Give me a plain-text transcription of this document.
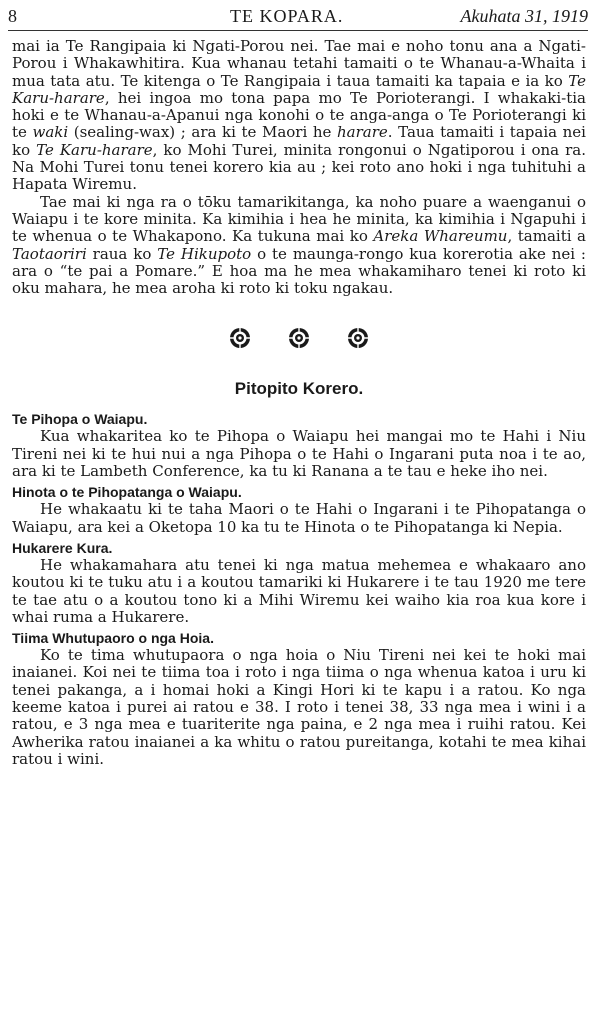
8	TE KOPARA.	Akuhata 31, 1919

mai ia Te Rangipaia ki Ngati-Porou nei. Tae mai e noho tonu ana a Ngati-Porou i Whakawhitira. Kua whanau tetahi tamaiti o te Whanau-a-Whaita i mua tata atu. Te kitenga o Te Rangipaia i taua tamaiti ka tapaia e ia ko Te Karu-harare, hei ingoa mo tona papa mo Te Porioterangi. I whakaki-tia hoki e te Whanau-a-Apanui nga konohi o te anga-anga o Te Porioterangi ki te waki (sealing-wax) ; ara ki te Maori he harare. Taua tamaiti i tapaia nei ko Te Karu-harare, ko Mohi Turei, minita rongonui o Ngatiporou i ona ra. Na Mohi Turei tonu tenei korero kia au ; kei roto ano hoki i nga tuhituhi a Hapata Wiremu.

Tae mai ki nga ra o tōku tamarikitanga, ka noho puare a waenganui o Waiapu i te kore minita. Ka kimihia i hea he minita, ka kimihia i Ngapuhi i te whenua o te Whakapono. Ka tukuna mai ko Areka Whareumu, tamaiti a Taotaoriri raua ko Te Hikupoto o te maunga-rongo kua korerotia ake nei : ara o “te pai a Pomare.” E hoa ma he mea whakamiharo tenei ki roto ki oku mahara, he mea aroha ki roto ki toku ngakau.

Pitopito Korero.
Te Pihopa o Waiapu.

Kua whakaritea ko te Pihopa o Waiapu hei mangai mo te Hahi i Niu Tireni nei ki te hui nui a nga Pihopa o te Hahi o Ingarani puta noa i te ao, ara ki te Lambeth Conference, ka tu ki Ranana a te tau e heke iho nei.

Hinota o te Pihopatanga o Waiapu.

He whakaatu ki te taha Maori o te Hahi o Ingarani i te Pihopatanga o Waiapu, ara kei a Oketopa 10 ka tu te Hinota o te Pihopatanga ki Nepia.

Hukarere Kura.

He whakamahara atu tenei ki nga matua mehemea e whakaaro ano koutou ki te tuku atu i a koutou tamariki ki Hukarere i te tau 1920 me tere te tae atu o a koutou tono ki a Mihi Wiremu kei waiho kia roa kua kore i whai ruma a Hukarere.

Tiima Whutupaoro o nga Hoia.

Ko te tima whutupaora o nga hoia o Niu Tireni nei kei te hoki mai inaianei. Koi nei te tiima toa i roto i nga tiima o nga whenua katoa i uru ki tenei pakanga, a i homai hoki a Kingi Hori ki te kapu i a ratou. Ko nga keeme katoa i purei ai ratou e 38. I roto i tenei 38, 33 nga mea i wini i a ratou, e 3 nga mea e tuariterite nga paina, e 2 nga mea i ruihi ratou. Kei Awherika ratou inaianei a ka whitu o ratou pureitanga, kotahi te mea kihai ratou i wini.
